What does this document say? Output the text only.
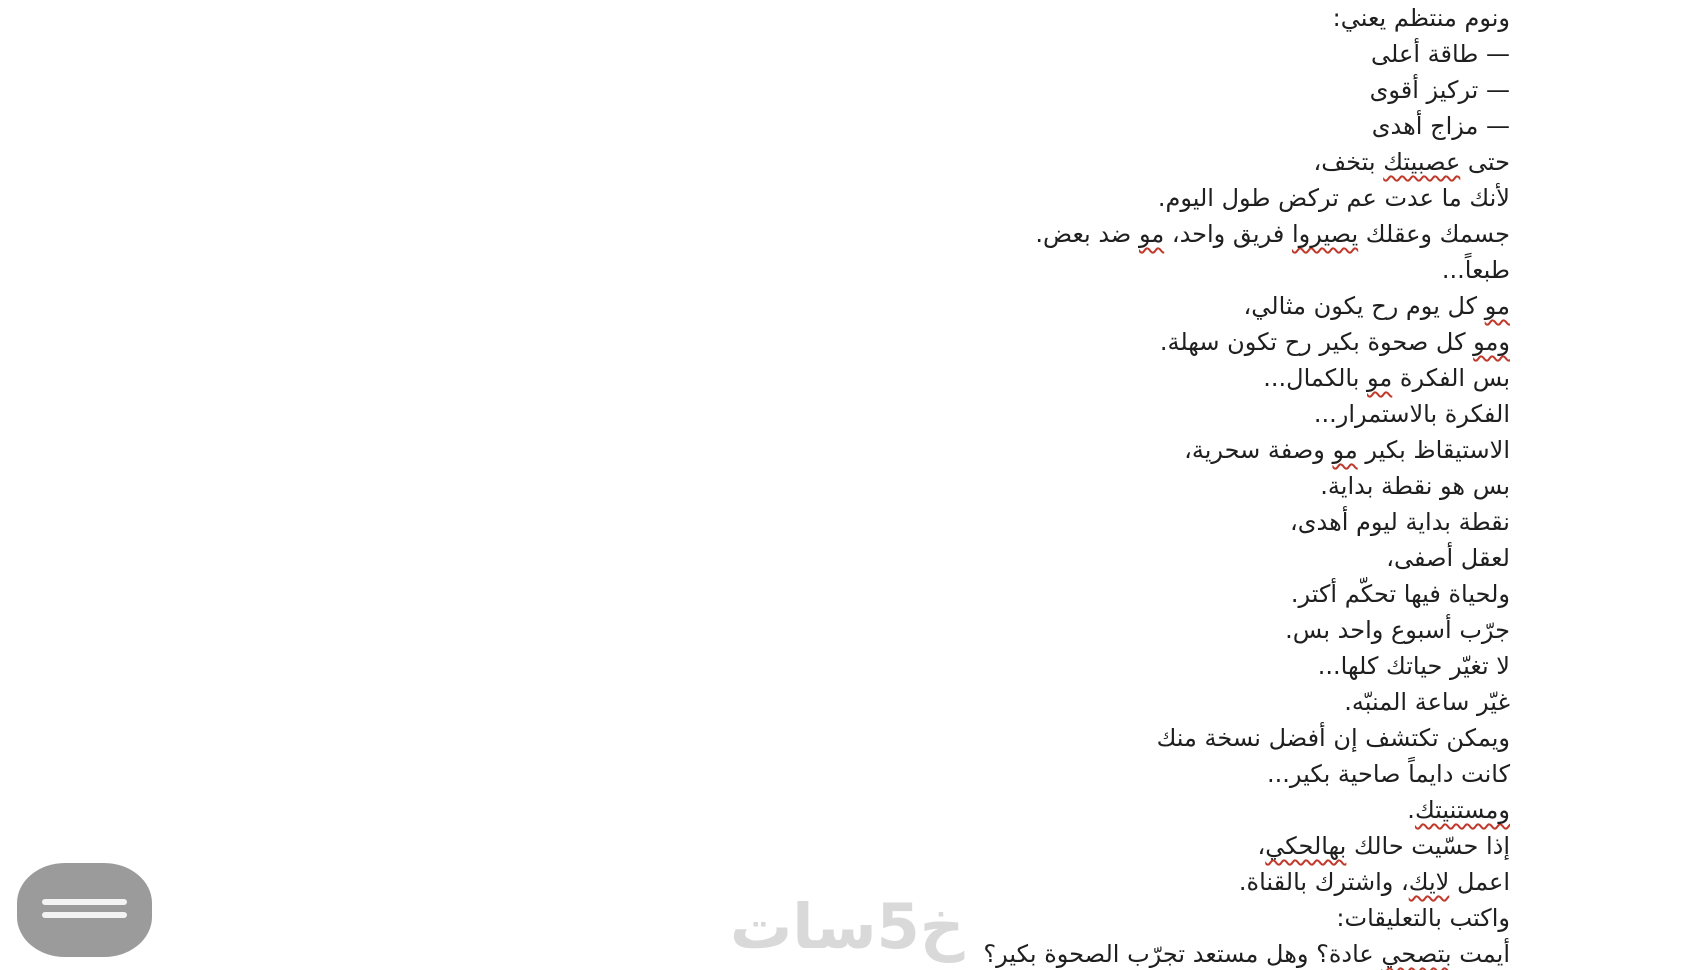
خ5سات
ونوم منتظم يعني:
— طاقة أعلى
— تركيز أقوى
— مزاج أهدى
حتى عصبيتك بتخف،
لأنك ما عدت عم تركض طول اليوم.
جسمك وعقلك يصيروا فريق واحد، مو ضد بعض.
طبعاً...
مو كل يوم رح يكون مثالي،
ومو كل صحوة بكير رح تكون سهلة.
بس الفكرة مو بالكمال...
الفكرة بالاستمرار...
الاستيقاظ بكير مو وصفة سحرية،
بس هو نقطة بداية.
نقطة بداية ليوم أهدى،
لعقل أصفى،
ولحياة فيها تحكّم أكتر.
جرّب أسبوع واحد بس.
لا تغيّر حياتك كلها...
غيّر ساعة المنبّه.
ويمكن تكتشف إن أفضل نسخة منك
كانت دايماً صاحية بكير...
ومستنيتك.
إذا حسّيت حالك بهالحكي،
اعمل لايك، واشترك بالقناة.
واكتب بالتعليقات:
أيمت بتصحي عادة؟ وهل مستعد تجرّب الصحوة بكير؟
